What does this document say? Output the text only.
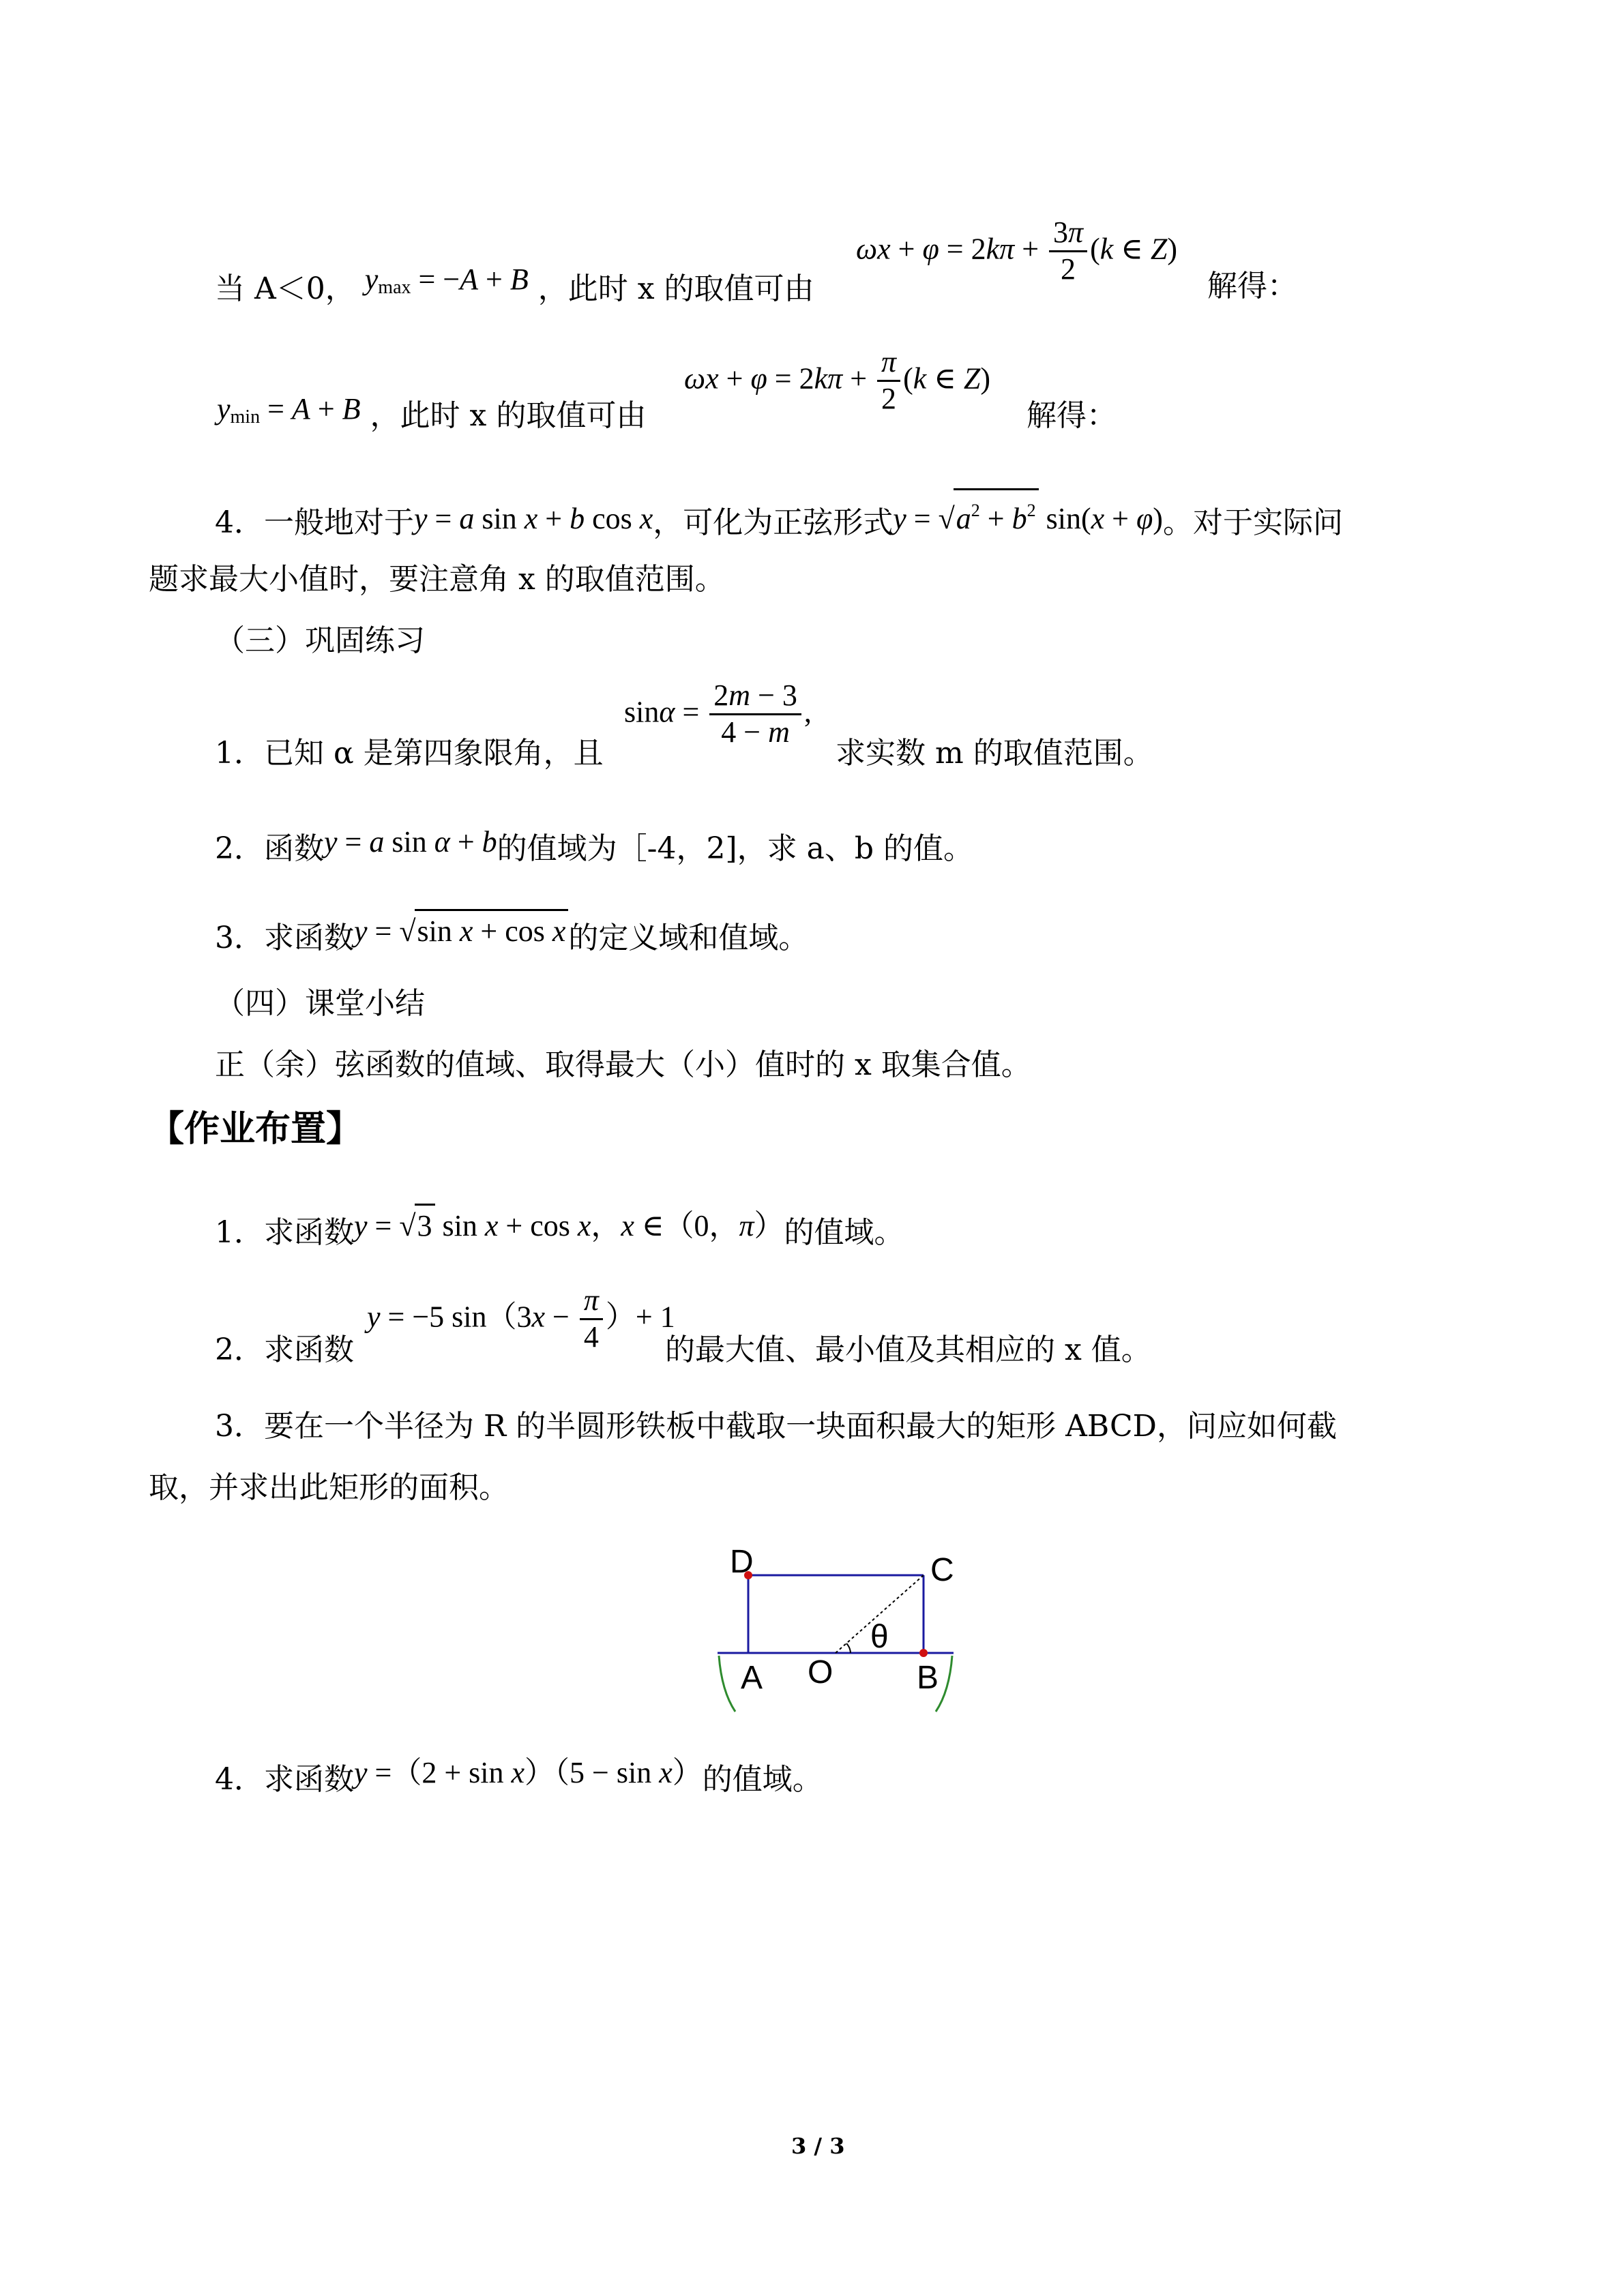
当 A＜0， $y_{max} = -A + B$ ，此时 x 的取值可由
$\omega x + \varphi = 2k\pi + \frac{3\pi}{2} (k$ ∈ Z)
解得：
$y_{min} = A + B$ ，此时 x 的取值可由
$\omega x + \varphi = 2k\pi + \frac{\pi}{2} (k$ ∈ Z)
解得：
4．一般地对于y = a sin x + b cos x，可化为正弦形式$y = √a^2 + b^2$ sin(x + φ)。对于实际问
题求最大小值时，要注意角 x 的取值范围。
（三）巩固练习
1．已知 α 是第四象限角，且
$\sin\alpha = \frac{2m - 3}{4 - m}$ ,
求实数 m 的取值范围。
2．函数y = a sin α + b的值域为［-4，2]，求 a、b 的值。
3．求函数y = √sin x + cos x的定义域和值域。
（四）课堂小结
正（余）弦函数的值域、取得最大（小）值时的 x 取集合值。
【作业布置】
1．求函数y = √3 sin x + cos x，x ∈（0，π）的值域。
2．求函数
y = −5 $\sin(3x - \frac{\pi}{4}$ ）+ 1
的最大值、最小值及其相应的 x 值。
3．要在一个半径为 R 的半圆形铁板中截取一块面积最大的矩形 ABCD，问应如何截
取，并求出此矩形的面积。
D	C
A O	B
θ
4．求函数y =（2 + sin x）（5 − sin x）的值域。
3 / 3
